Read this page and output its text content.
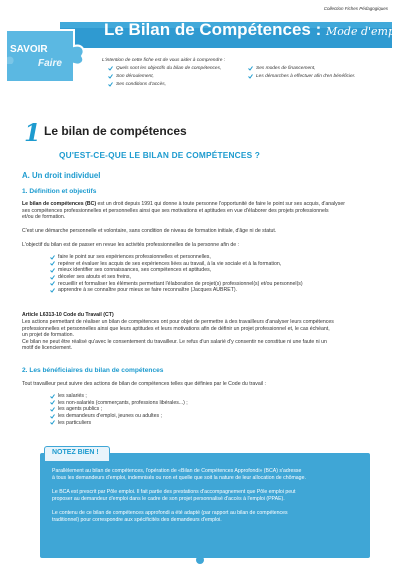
Collection Fiches Pédagogiques
SAVOIR
Faire
Le Bilan de Compétences : Mode d'emploi
L'intention de cette fiche est de vous aider à comprendre :
Quels sont les objectifs du bilan de compétences,
Son déroulement,
Ses conditions d'accès,
Ses modes de financement,
Les démarches à effectuer afin d'en bénéficier.
1 Le bilan de compétences
QU'EST-CE-QUE LE BILAN DE COMPÉTENCES ?
A. Un droit individuel
1. Définition et objectifs
Le bilan de compétences (BC) est un droit depuis 1991 qui donne à toute personne l'opportunité de faire le point sur ses acquis, d'analyser
ses compétences professionnelles et personnelles ainsi que ses motivations et aptitudes en vue d'élaborer des projets professionnels
et/ou de formation.
C'est une démarche personnelle et volontaire, sans condition de niveau de formation initiale, d'âge ni de statut.
L'objectif du bilan est de passer en revue les activités professionnelles de la personne afin de :
faire le point sur ses expériences professionnelles et personnelles,
repérer et évaluer les acquis de ses expériences liées au travail, à la vie sociale et à la formation,
mieux identifier ses connaissances, ses compétences et aptitudes,
déceler ses atouts et ses freins,
recueillir et formaliser les éléments permettant l'élaboration de projet(s) professionnel(s) et/ou personnel(s)
apprendre à se connaître pour mieux se faire reconnaître (Jacques AUBRET).
Article L6313-10 Code du Travail (CT)
Les actions permettant de réaliser un bilan de compétences ont pour objet de permettre à des travailleurs d'analyser leurs compétences
professionnelles et personnelles ainsi que leurs aptitudes et leurs motivations afin de définir un projet professionnel et, le cas échéant,
un projet de formation.
Ce bilan ne peut être réalisé qu'avec le consentement du travailleur. Le refus d'un salarié d'y consentir ne constitue ni une faute ni un
motif de licenciement.
2. Les bénéficiaires du bilan de compétences
Tout travailleur peut suivre des actions de bilan de compétences telles que définies par le Code du travail :
les salariés ;
les non-salariés (commerçants, professions libérales...) ;
les agents publics ;
les demandeurs d'emploi, jeunes ou adultes ;
les particuliers
NOTEZ BIEN !
Parallèlement au bilan de compétences, l'opération de «Bilan de Compétences Approfondi» (BCA) s'adresse
à tous les demandeurs d'emploi, indemnisés ou non et quelle que soit la nature de leur allocation de chômage.
Le BCA est prescrit par Pôle emploi. Il fait partie des prestations d'accompagnement que Pôle emploi peut
proposer au demandeur d'emploi dans le cadre de son projet personnalisé d'accès à l'emploi (PPAE).
Le contenu de ce bilan de compétences approfondi a été adapté (par rapport au bilan de compétences
traditionnel) pour correspondre aux spécificités des demandeurs d'emploi.
